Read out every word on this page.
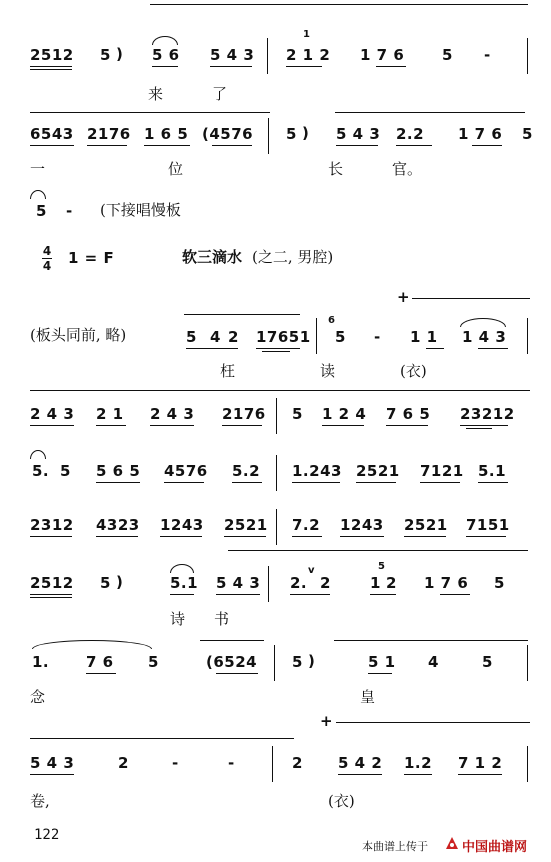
2512 5 ) 5 6 5 4 3 2 1 2
1
1 7 6	5 -
来	了
6543 2176 1 6 5 (4576 5 ) 5 4 3 2.2 1 7 6 5
一	位	长	官。
5 - (下接唱慢板
4
4 1 = F	软三滴水 (之二, 男腔)
+
(板头同前, 略)	5 4 2 17651
6
5 - 1 1 1 4 3
枉	读	(衣)
2 4 3 2 1 2 4 3 2176 5 1 2 4 7 6 5 23212
5. 5 5 6 5 4576 5.2 1.243 2521 7121 5.1
2312 4323 1243 2521 7.2 1243 2521 7151
2512 5 )	5.1 5 4 3 2.
v
2
5
1 2 1 7 6 5
诗 书
1. 7 6 5	(6524 5 )	5 1 4	5
念	皇
+
5 4 3	2	-	-	2 5 4 2 1.2 7 1 2
卷,	(衣)
122
本曲谱上传于	中国曲谱网
